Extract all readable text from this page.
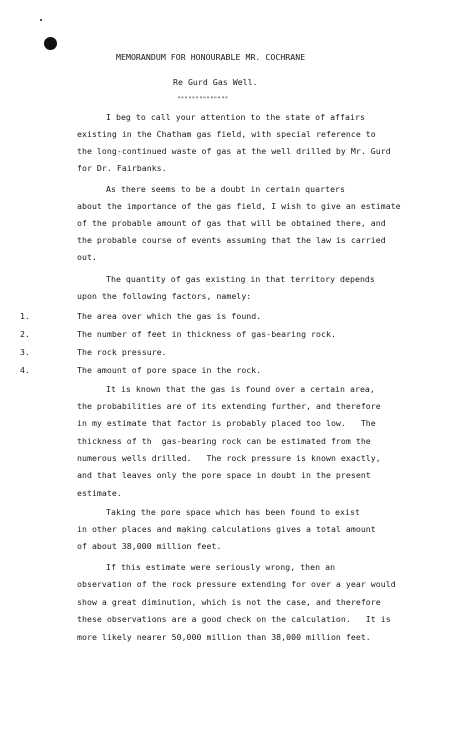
MEMORANDUM FOR HONOURABLE MR. COCHRANE
Re Gurd Gas Well.
""""""""""""""
I beg to call your attention to the state of affairs
existing in the Chatham gas field, with special reference to
the long-continued waste of gas at the well drilled by Mr. Gurd
for Dr. Fairbanks.
As there seems to be a doubt in certain quarters
about the importance of the gas field, I wish to give an estimate
of the probable amount of gas that will be obtained there, and
the probable course of events assuming that the law is carried
out.
The quantity of gas existing in that territory depends
upon the following factors, namely:
1.	The area over which the gas is found.
2.	The number of feet in thickness of gas-bearing rock.
3.	The rock pressure.
4.	The amount of pore space in the rock.
It is known that the gas is found over a certain area,
the probabilities are of its extending further, and therefore
in my estimate that factor is probably placed too low.   The
thickness of th  gas-bearing rock can be estimated from the
numerous wells drilled.   The rock pressure is known exactly,
and that leaves only the pore space in doubt in the present
estimate.
Taking the pore space which has been found to exist
in other places and making calculations gives a total amount
of about 38,000 million feet.
If this estimate were seriously wrong, then an
observation of the rock pressure extending for over a year would
show a great diminution, which is not the case, and therefore
these observations are a good check on the calculation.   It is
more likely nearer 50,000 million than 38,000 million feet.
